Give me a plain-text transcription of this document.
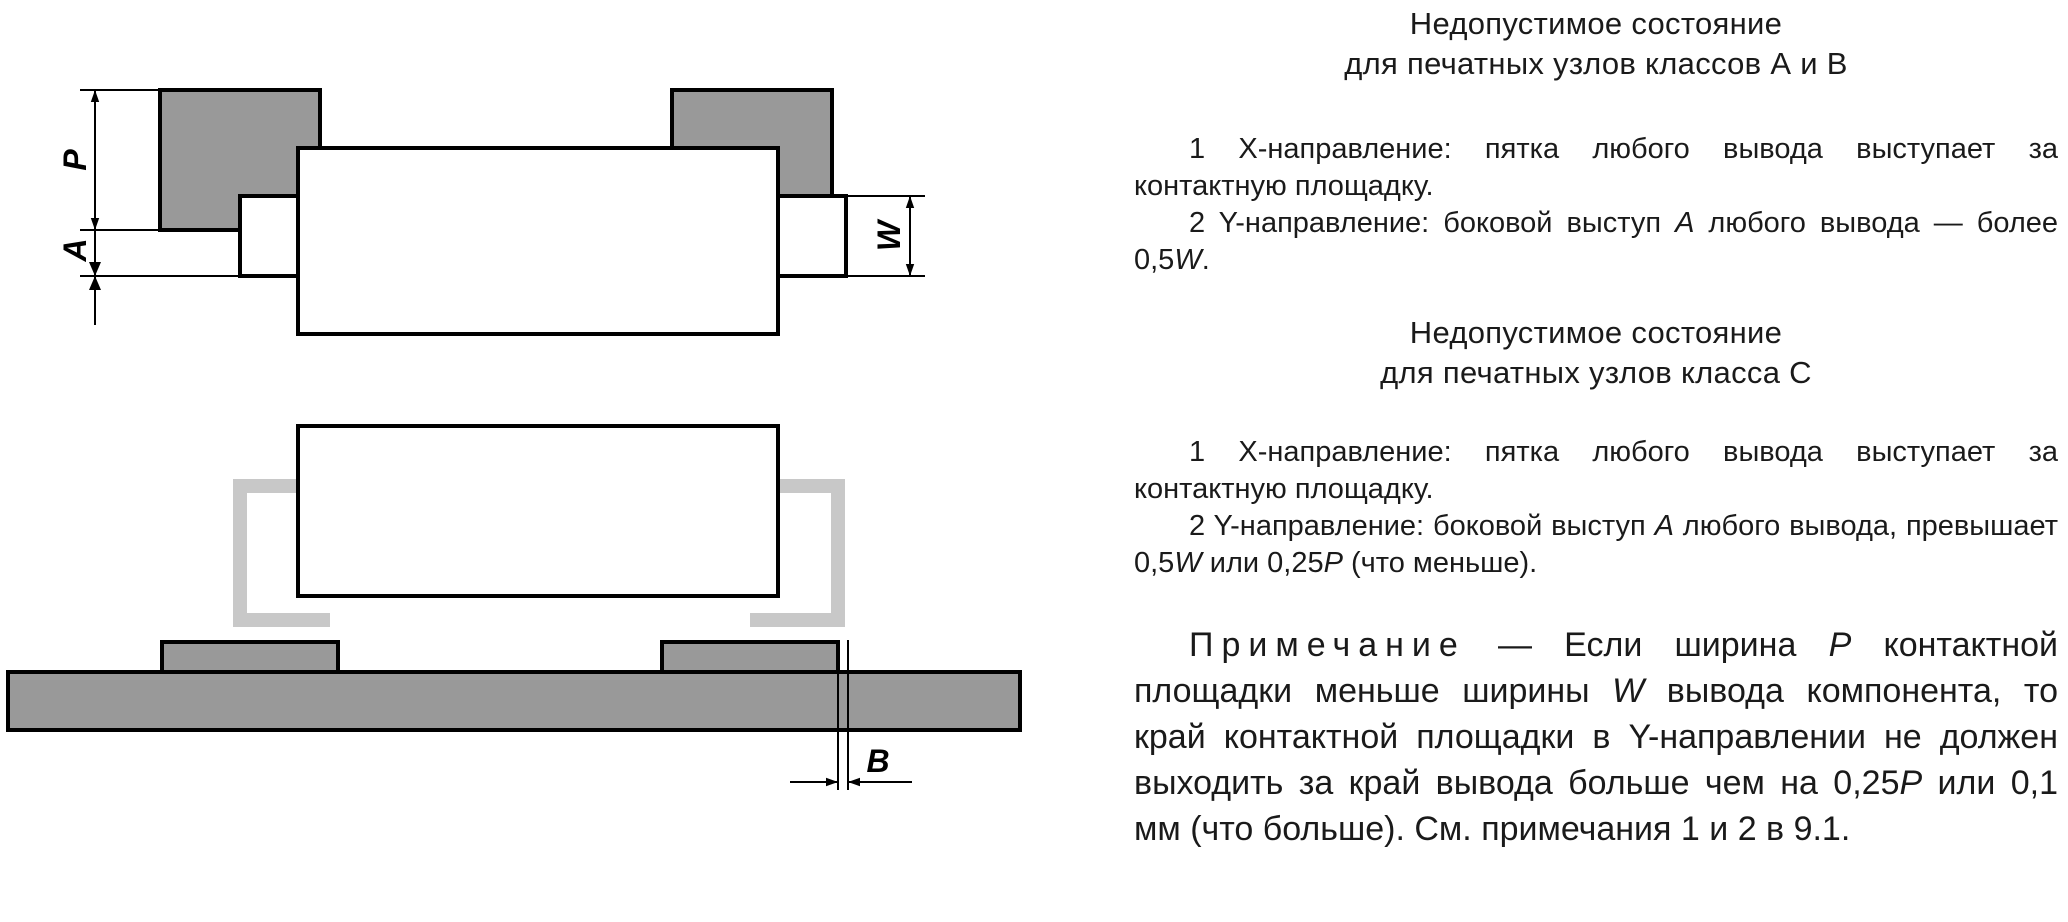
P
A	W
B

Недопустимое состояние

для печатных узлов классов А и В

1 X-направление: пятка любого вывода выступает за контактную площадку.

2 Y-направление: боковой выступ A любого вывода — более 0,5W.

Недопустимое состояние

для печатных узлов класса С

1 X-направление: пятка любого вывода выступает за контактную площадку.

2 Y-направление: боковой выступ A любого вывода, превышает 0,5W или 0,25P (что меньше).

Примечание — Если ширина P контактной площадки меньше ширины W вывода компонента, то край контактной площадки в Y-направлении не должен выходить за край вывода больше чем на 0,25P или 0,1 мм (что больше). См. примечания 1 и 2 в 9.1.
